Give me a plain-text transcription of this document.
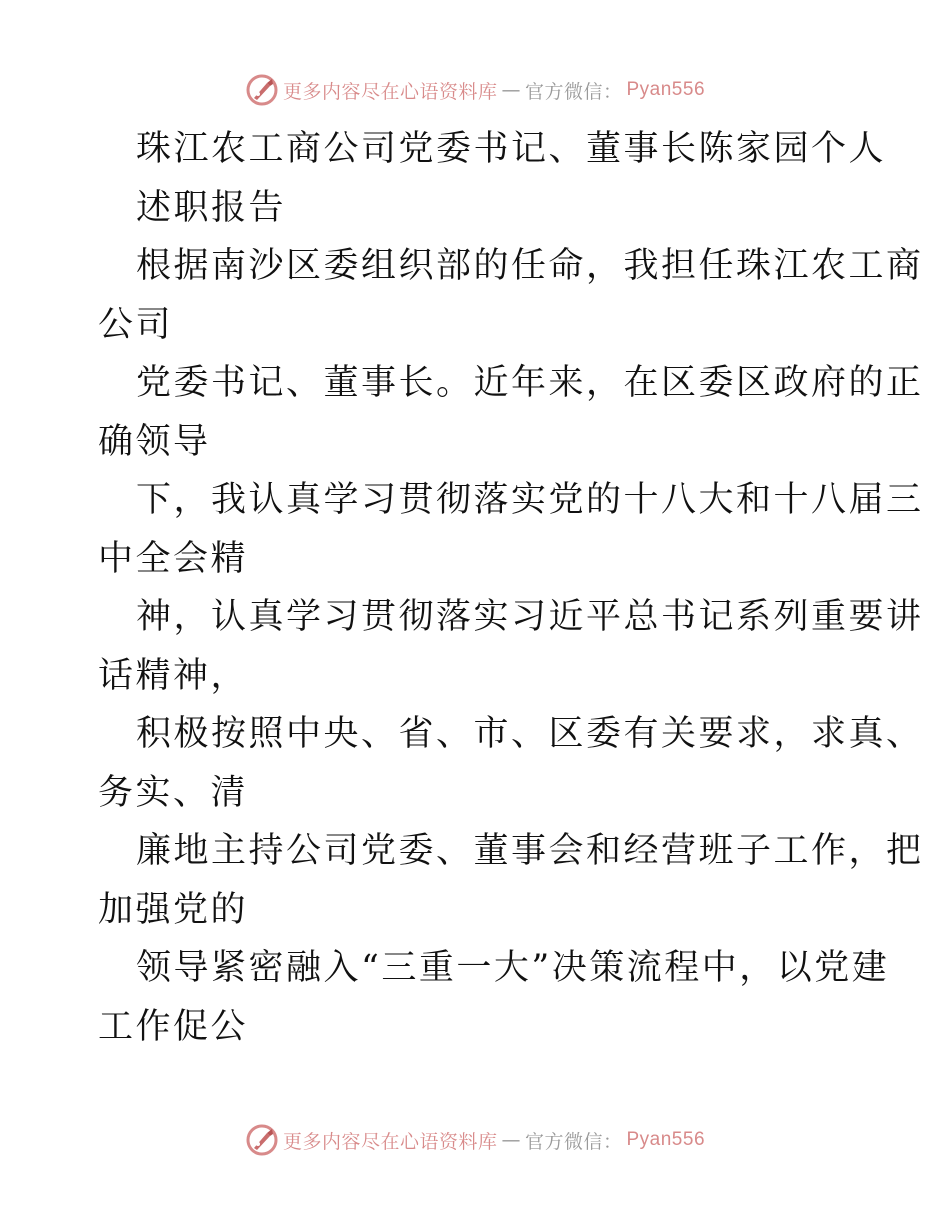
更多内容尽在心语资料库 — 官方微信： Pyan556
珠江农工商公司党委书记、董事长陈家园个人
述职报告
根据南沙区委组织部的任命，我担任珠江农工商
公司
党委书记、董事长。近年来，在区委区政府的正
确领导
下，我认真学习贯彻落实党的十八大和十八届三
中全会精
神，认真学习贯彻落实习近平总书记系列重要讲
话精神，
积极按照中央、省、市、区委有关要求，求真、
务实、清
廉地主持公司党委、董事会和经营班子工作，把
加强党的
领导紧密融入“三重一大”决策流程中，以党建
工作促公
更多内容尽在心语资料库 — 官方微信： Pyan556
